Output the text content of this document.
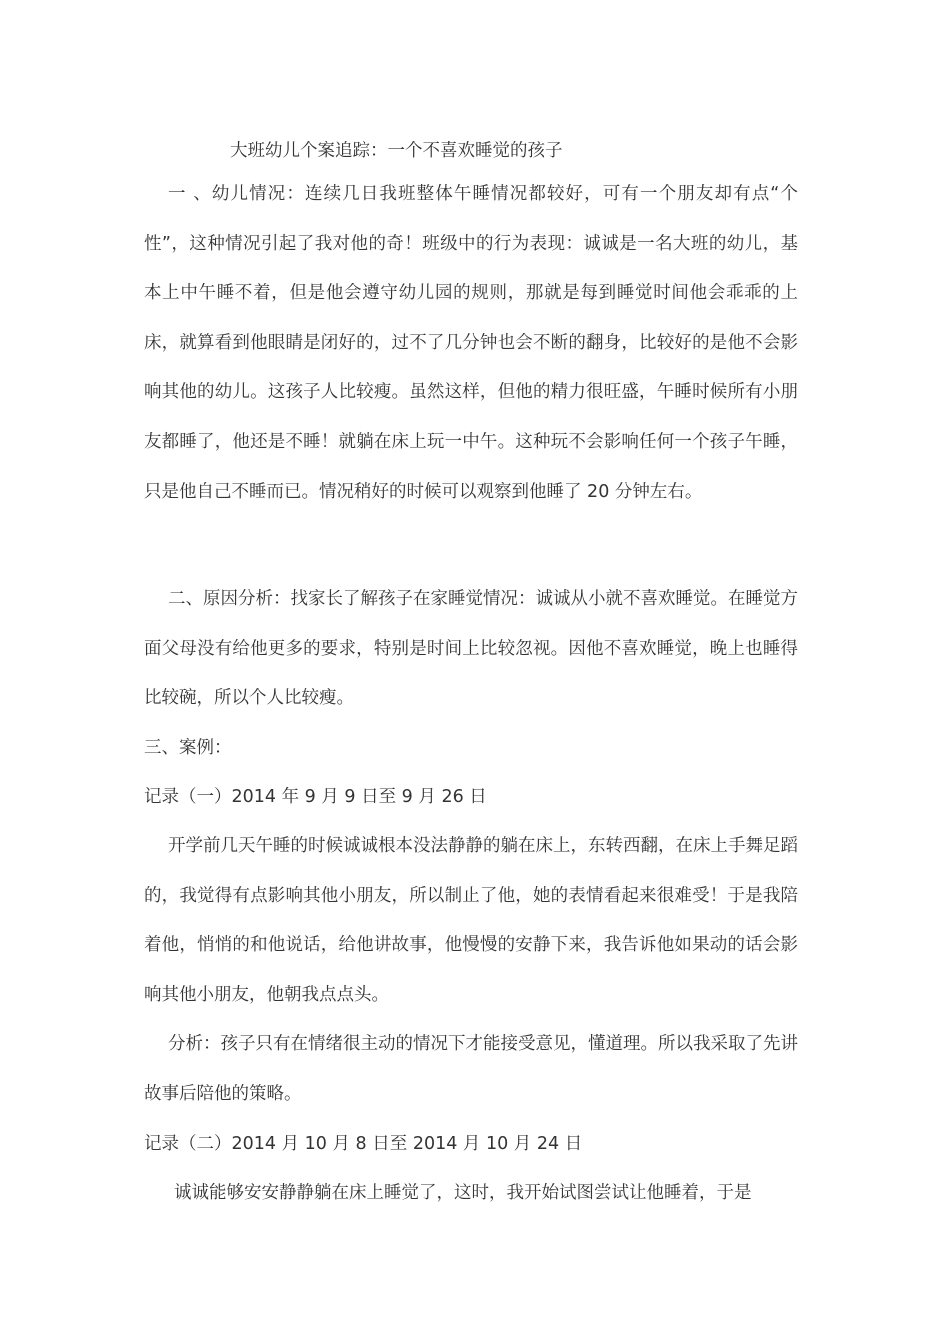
大班幼儿个案追踪：一个不喜欢睡觉的孩子

一 、幼儿情况：连续几日我班整体午睡情况都较好，可有一个朋友却有点“个性”，这种情况引起了我对他的奇！班级中的行为表现：诚诚是一名大班的幼儿，基本上中午睡不着，但是他会遵守幼儿园的规则，那就是每到睡觉时间他会乖乖的上床，就算看到他眼睛是闭好的，过不了几分钟也会不断的翻身，比较好的是他不会影响其他的幼儿。这孩子人比较瘦。虽然这样，但他的精力很旺盛，午睡时候所有小朋友都睡了，他还是不睡！就躺在床上玩一中午。这种玩不会影响任何一个孩子午睡，只是他自己不睡而已。情况稍好的时候可以观察到他睡了 20 分钟左右。

二、原因分析：找家长了解孩子在家睡觉情况：诚诚从小就不喜欢睡觉。在睡觉方面父母没有给他更多的要求，特别是时间上比较忽视。因他不喜欢睡觉，晚上也睡得比较碗，所以个人比较瘦。

三、案例：

记录（一）2014 年 9 月 9 日至 9 月 26 日

开学前几天午睡的时候诚诚根本没法静静的躺在床上，东转西翻，在床上手舞足蹈的，我觉得有点影响其他小朋友，所以制止了他，她的表情看起来很难受！于是我陪着他，悄悄的和他说话，给他讲故事，他慢慢的安静下来，我告诉他如果动的话会影响其他小朋友，他朝我点点头。

分析：孩子只有在情绪很主动的情况下才能接受意见，懂道理。所以我采取了先讲故事后陪他的策略。

记录（二）2014 月 10 月 8 日至 2014 月 10 月 24 日

诚诚能够安安静静躺在床上睡觉了，这时，我开始试图尝试让他睡着，于是
